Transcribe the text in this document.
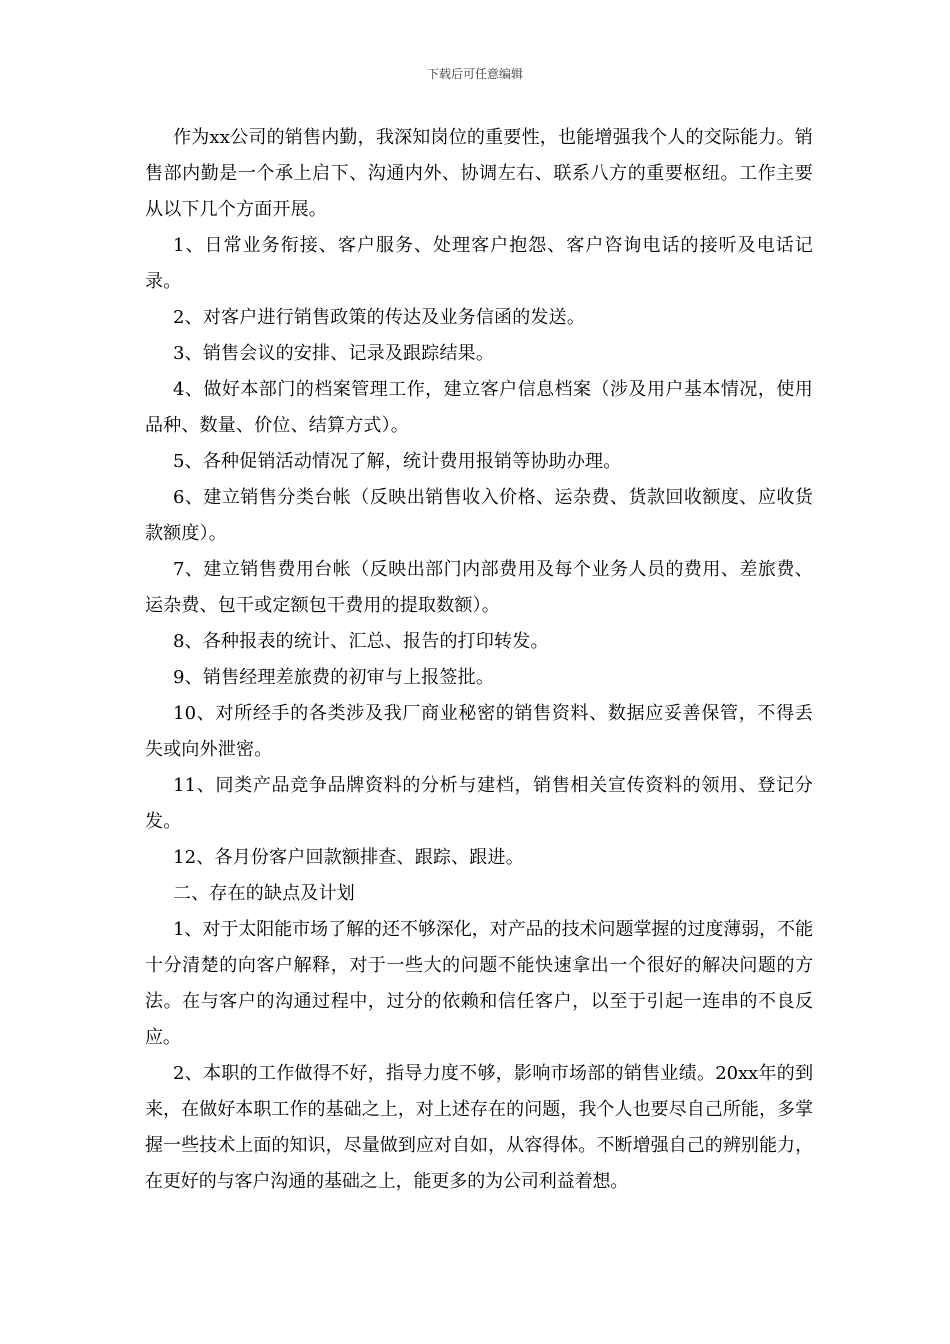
下载后可任意编辑

作为xx公司的销售内勤，我深知岗位的重要性，也能增强我个人的交际能力。销售部内勤是一个承上启下、沟通内外、协调左右、联系八方的重要枢纽。工作主要从以下几个方面开展。

1、日常业务衔接、客户服务、处理客户抱怨、客户咨询电话的接听及电话记录。

2、对客户进行销售政策的传达及业务信函的发送。

3、销售会议的安排、记录及跟踪结果。

4、做好本部门的档案管理工作，建立客户信息档案（涉及用户基本情况，使用品种、数量、价位、结算方式）。

5、各种促销活动情况了解，统计费用报销等协助办理。

6、建立销售分类台帐（反映出销售收入价格、运杂费、货款回收额度、应收货款额度）。

7、建立销售费用台帐（反映出部门内部费用及每个业务人员的费用、差旅费、运杂费、包干或定额包干费用的提取数额）。

8、各种报表的统计、汇总、报告的打印转发。

9、销售经理差旅费的初审与上报签批。

10、对所经手的各类涉及我厂商业秘密的销售资料、数据应妥善保管，不得丢失或向外泄密。

11、同类产品竞争品牌资料的分析与建档，销售相关宣传资料的领用、登记分发。

12、各月份客户回款额排查、跟踪、跟进。

二、存在的缺点及计划

1、对于太阳能市场了解的还不够深化，对产品的技术问题掌握的过度薄弱，不能十分清楚的向客户解释，对于一些大的问题不能快速拿出一个很好的解决问题的方法。在与客户的沟通过程中，过分的依赖和信任客户，以至于引起一连串的不良反应。

2、本职的工作做得不好，指导力度不够，影响市场部的销售业绩。20xx年的到来，在做好本职工作的基础之上，对上述存在的问题，我个人也要尽自己所能，多掌握一些技术上面的知识，尽量做到应对自如，从容得体。不断增强自己的辨别能力，在更好的与客户沟通的基础之上，能更多的为公司利益着想。
